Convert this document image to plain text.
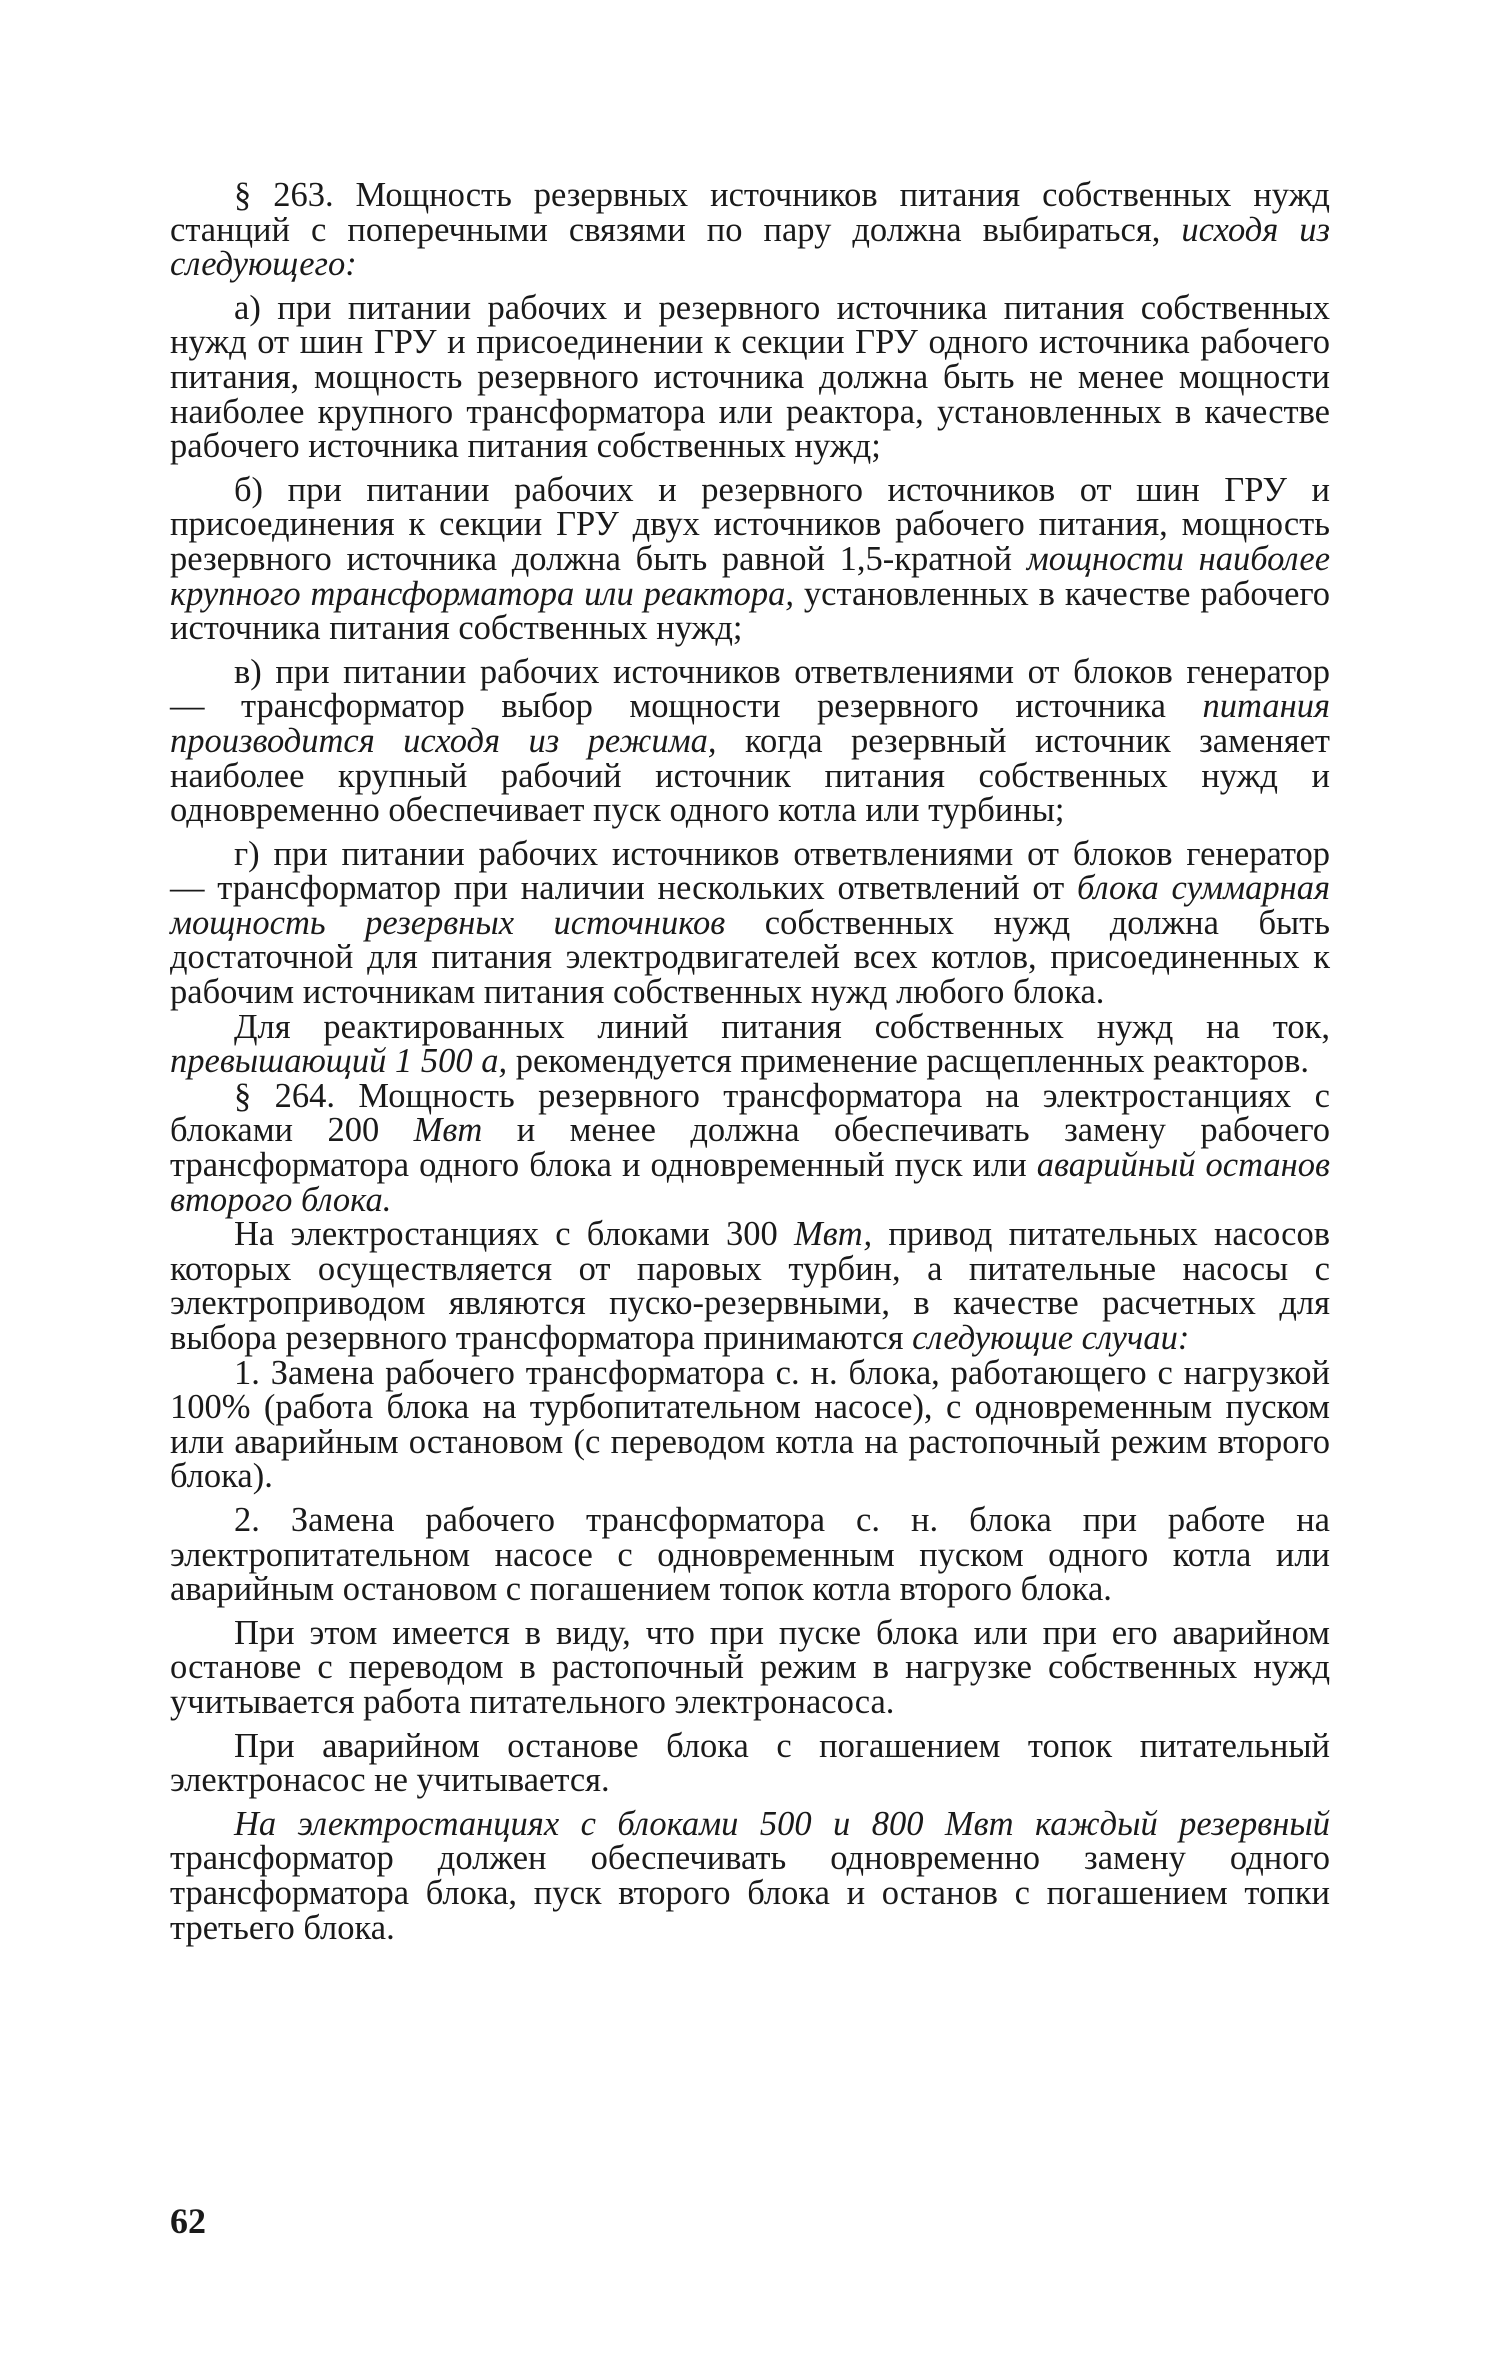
§ 263. Мощность резервных источников питания собственных нужд станций с поперечными связями по пару должна выбираться, исходя из следующего:

а) при питании рабочих и резервного источника питания собственных нужд от шин ГРУ и присоединении к секции ГРУ одного источника рабочего питания, мощность резервного источника должна быть не менее мощности наиболее крупного трансформатора или реактора, установленных в качестве рабочего источника питания собственных нужд;

б) при питании рабочих и резервного источников от шин ГРУ и присоединения к секции ГРУ двух источников рабочего питания, мощность резервного источника должна быть равной 1,5-кратной мощности наиболее крупного трансформатора или реактора, установленных в качестве рабочего источника питания собственных нужд;

в) при питании рабочих источников ответвлениями от блоков генератор — трансформатор выбор мощности резервного источника питания производится исходя из режима, когда резервный источник заменяет наиболее крупный рабочий источник питания собственных нужд и одновременно обеспечивает пуск одного котла или турбины;

г) при питании рабочих источников ответвлениями от блоков генератор — трансформатор при наличии нескольких ответвлений от блока суммарная мощность резервных источников собственных нужд должна быть достаточной для питания электродвигателей всех котлов, присоединенных к рабочим источникам питания собственных нужд любого блока.

Для реактированных линий питания собственных нужд на ток, превышающий 1 500 а, рекомендуется применение расщепленных реакторов.

§ 264. Мощность резервного трансформатора на электростанциях с блоками 200 Мвт и менее должна обеспечивать замену рабочего трансформатора одного блока и одновременный пуск или аварийный останов второго блока.

На электростанциях с блоками 300 Мвт, привод питательных насосов которых осуществляется от паровых турбин, а питательные насосы с электроприводом являются пуско-резервными, в качестве расчетных для выбора резервного трансформатора принимаются следующие случаи:

1. Замена рабочего трансформатора с. н. блока, работающего с нагрузкой 100% (работа блока на турбопитательном насосе), с одновременным пуском или аварийным остановом (с переводом котла на растопочный режим второго блока).

2. Замена рабочего трансформатора с. н. блока при работе на электропитательном насосе с одновременным пуском одного котла или аварийным остановом с погашением топок котла второго блока.

При этом имеется в виду, что при пуске блока или при его аварийном останове с переводом в растопочный режим в нагрузке собственных нужд учитывается работа питательного электронасоса.

При аварийном останове блока с погашением топок питательный электронасос не учитывается.

На электростанциях с блоками 500 и 800 Мвт каждый резервный трансформатор должен обеспечивать одновременно замену одного трансформатора блока, пуск второго блока и останов с погашением топки третьего блока.

62
